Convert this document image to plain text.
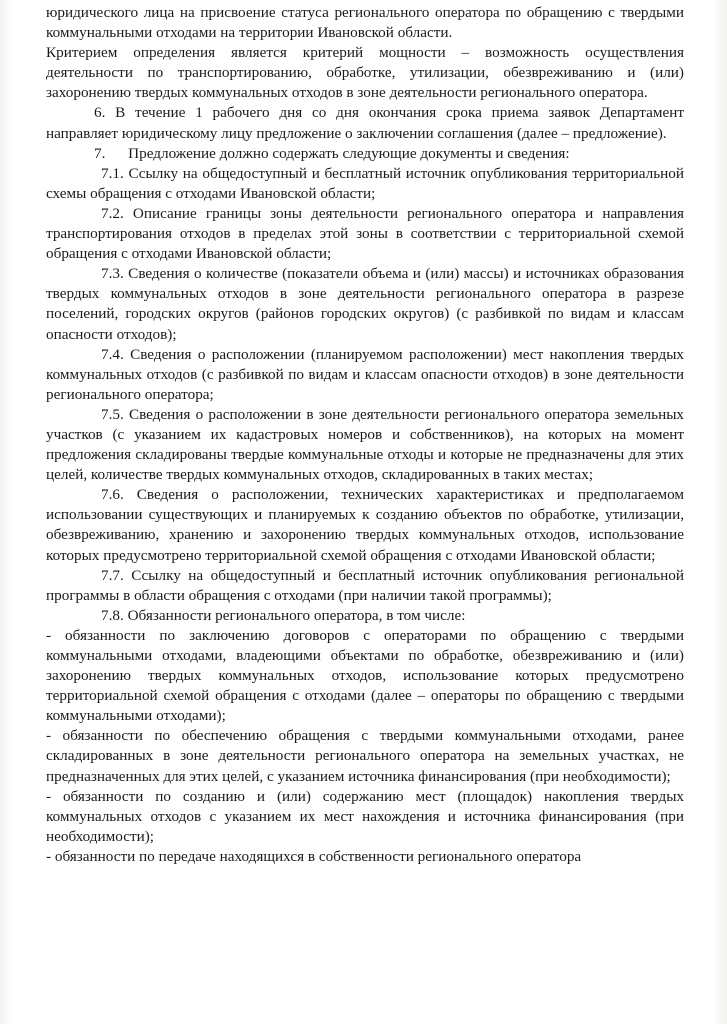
юридического лица на присвоение статуса регионального оператора по обращению с твердыми коммунальными отходами на территории Ивановской области.

Критерием определения является критерий мощности – возможность осуществления деятельности по транспортированию, обработке, утилизации, обезвреживанию и (или) захоронению твердых коммунальных отходов в зоне деятельности регионального оператора.

6. В течение 1 рабочего дня со дня окончания срока приема заявок Департамент направляет юридическому лицу предложение о заключении соглашения (далее – предложение).

7. Предложение должно содержать следующие документы и сведения:

7.1. Ссылку на общедоступный и бесплатный источник опубликования территориальной схемы обращения с отходами Ивановской области;

7.2. Описание границы зоны деятельности регионального оператора и направления транспортирования отходов в пределах этой зоны в соответствии с территориальной схемой обращения с отходами Ивановской области;

7.3. Сведения о количестве (показатели объема и (или) массы) и источниках образования твердых коммунальных отходов в зоне деятельности регионального оператора в разрезе поселений, городских округов (районов городских округов) (с разбивкой по видам и классам опасности отходов);

7.4. Сведения о расположении (планируемом расположении) мест накопления твердых коммунальных отходов (с разбивкой по видам и классам опасности отходов) в зоне деятельности регионального оператора;

7.5. Сведения о расположении в зоне деятельности регионального оператора земельных участков (с указанием их кадастровых номеров и собственников), на которых на момент предложения складированы твердые коммунальные отходы и которые не предназначены для этих целей, количестве твердых коммунальных отходов, складированных в таких местах;

7.6. Сведения о расположении, технических характеристиках и предполагаемом использовании существующих и планируемых к созданию объектов по обработке, утилизации, обезвреживанию, хранению и захоронению твердых коммунальных отходов, использование которых предусмотрено территориальной схемой обращения с отходами Ивановской области;

7.7. Ссылку на общедоступный и бесплатный источник опубликования региональной программы в области обращения с отходами (при наличии такой программы);

7.8. Обязанности регионального оператора, в том числе:

- обязанности по заключению договоров с операторами по обращению с твердыми коммунальными отходами, владеющими объектами по обработке, обезвреживанию и (или) захоронению твердых коммунальных отходов, использование которых предусмотрено территориальной схемой обращения с отходами (далее – операторы по обращению с твердыми коммунальными отходами);

- обязанности по обеспечению обращения с твердыми коммунальными отходами, ранее складированных в зоне деятельности регионального оператора на земельных участках, не предназначенных для этих целей, с указанием источника финансирования (при необходимости);

- обязанности по созданию и (или) содержанию мест (площадок) накопления твердых коммунальных отходов с указанием их мест нахождения и источника финансирования (при необходимости);

- обязанности по передаче находящихся в собственности регионального оператора
